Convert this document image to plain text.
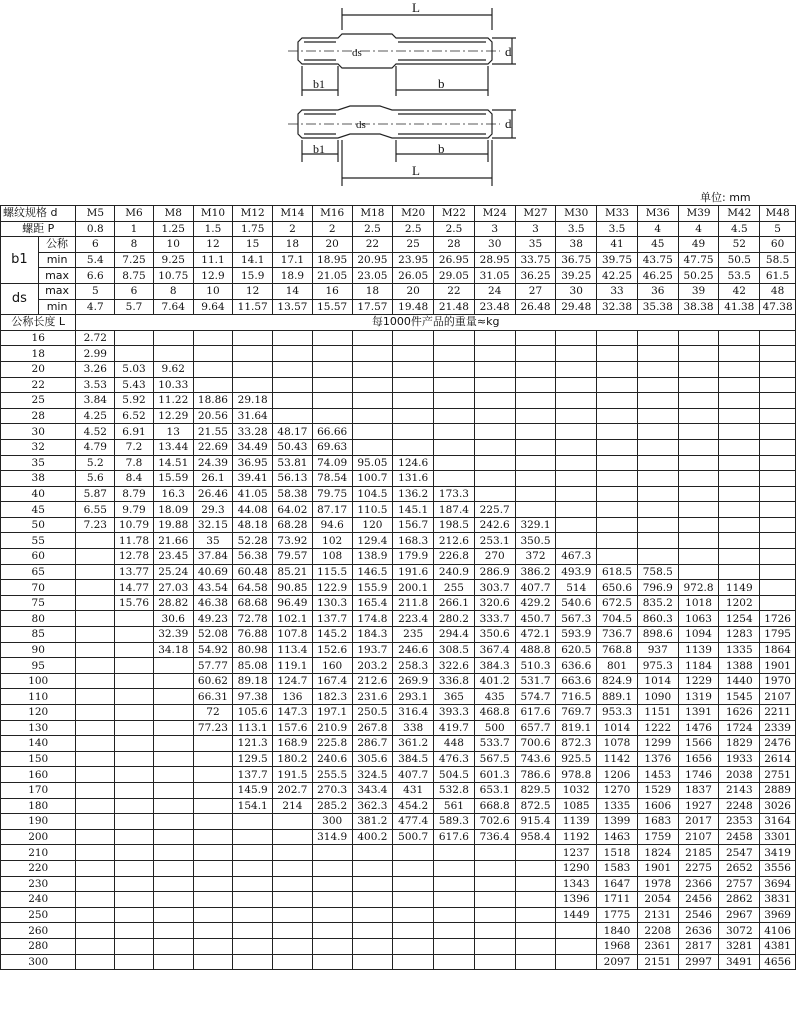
L
d
ds
b1	b
ds	d
b1	b
L
单位: mm
螺纹规格 d		M5	M6	M8	M10	M12	M14	M16	M18	M20	M22	M24	M27	M30	M33	M36	M39	M42	M48
螺距 P		0.8	1	1.25	1.5	1.75	2	2	2.5	2.5	2.5	3	3	3.5	3.5	4	4	4.5	5
b1	公称	6	8	10	12	15	18	20	22	25	28	30	35	38	41	45	49	52	60
	min	5.4	7.25	9.25	11.1	14.1	17.1	18.95	20.95	23.95	26.95	28.95	33.75	36.75	39.75	43.75	47.75	50.5	58.5
	max	6.6	8.75	10.75	12.9	15.9	18.9	21.05	23.05	26.05	29.05	31.05	36.25	39.25	42.25	46.25	50.25	53.5	61.5
ds	max	5	6	8	10	12	14	16	18	20	22	24	27	30	33	36	39	42	48
	min	4.7	5.7	7.64	9.64	11.57	13.57	15.57	17.57	19.48	21.48	23.48	26.48	29.48	32.38	35.38	38.38	41.38	47.38
公称长度 L		每1000件产品的重量≈kg																	
16		2.72																	
18		2.99																	
20		3.26	5.03	9.62															
22		3.53	5.43	10.33															
25		3.84	5.92	11.22	18.86	29.18													
28		4.25	6.52	12.29	20.56	31.64													
30		4.52	6.91	13	21.55	33.28	48.17	66.66											
32		4.79	7.2	13.44	22.69	34.49	50.43	69.63											
35		5.2	7.8	14.51	24.39	36.95	53.81	74.09	95.05	124.6									
38		5.6	8.4	15.59	26.1	39.41	56.13	78.54	100.7	131.6									
40		5.87	8.79	16.3	26.46	41.05	58.38	79.75	104.5	136.2	173.3								
45		6.55	9.79	18.09	29.3	44.08	64.02	87.17	110.5	145.1	187.4	225.7							
50		7.23	10.79	19.88	32.15	48.18	68.28	94.6	120	156.7	198.5	242.6	329.1						
55			11.78	21.66	35	52.28	73.92	102	129.4	168.3	212.6	253.1	350.5						
60			12.78	23.45	37.84	56.38	79.57	108	138.9	179.9	226.8	270	372	467.3					
65			13.77	25.24	40.69	60.48	85.21	115.5	146.5	191.6	240.9	286.9	386.2	493.9	618.5	758.5			
70			14.77	27.03	43.54	64.58	90.85	122.9	155.9	200.1	255	303.7	407.7	514	650.6	796.9	972.8	1149	
75			15.76	28.82	46.38	68.68	96.49	130.3	165.4	211.8	266.1	320.6	429.2	540.6	672.5	835.2	1018	1202	
80				30.6	49.23	72.78	102.1	137.7	174.8	223.4	280.2	333.7	450.7	567.3	704.5	860.3	1063	1254	1726
85				32.39	52.08	76.88	107.8	145.2	184.3	235	294.4	350.6	472.1	593.9	736.7	898.6	1094	1283	1795
90				34.18	54.92	80.98	113.4	152.6	193.7	246.6	308.5	367.4	488.8	620.5	768.8	937	1139	1335	1864
95					57.77	85.08	119.1	160	203.2	258.3	322.6	384.3	510.3	636.6	801	975.3	1184	1388	1901
100					60.62	89.18	124.7	167.4	212.6	269.9	336.8	401.2	531.7	663.6	824.9	1014	1229	1440	1970
110					66.31	97.38	136	182.3	231.6	293.1	365	435	574.7	716.5	889.1	1090	1319	1545	2107
120					72	105.6	147.3	197.1	250.5	316.4	393.3	468.8	617.6	769.7	953.3	1151	1391	1626	2211
130					77.23	113.1	157.6	210.9	267.8	338	419.7	500	657.7	819.1	1014	1222	1476	1724	2339
140						121.3	168.9	225.8	286.7	361.2	448	533.7	700.6	872.3	1078	1299	1566	1829	2476
150						129.5	180.2	240.6	305.6	384.5	476.3	567.5	743.6	925.5	1142	1376	1656	1933	2614
160						137.7	191.5	255.5	324.5	407.7	504.5	601.3	786.6	978.8	1206	1453	1746	2038	2751
170						145.9	202.7	270.3	343.4	431	532.8	653.1	829.5	1032	1270	1529	1837	2143	2889
180						154.1	214	285.2	362.3	454.2	561	668.8	872.5	1085	1335	1606	1927	2248	3026
190								300	381.2	477.4	589.3	702.6	915.4	1139	1399	1683	2017	2353	3164
200								314.9	400.2	500.7	617.6	736.4	958.4	1192	1463	1759	2107	2458	3301
210														1237	1518	1824	2185	2547	3419
220														1290	1583	1901	2275	2652	3556
230														1343	1647	1978	2366	2757	3694
240														1396	1711	2054	2456	2862	3831
250														1449	1775	2131	2546	2967	3969
260															1840	2208	2636	3072	4106
280															1968	2361	2817	3281	4381
300															2097	2151	2997	3491	4656
